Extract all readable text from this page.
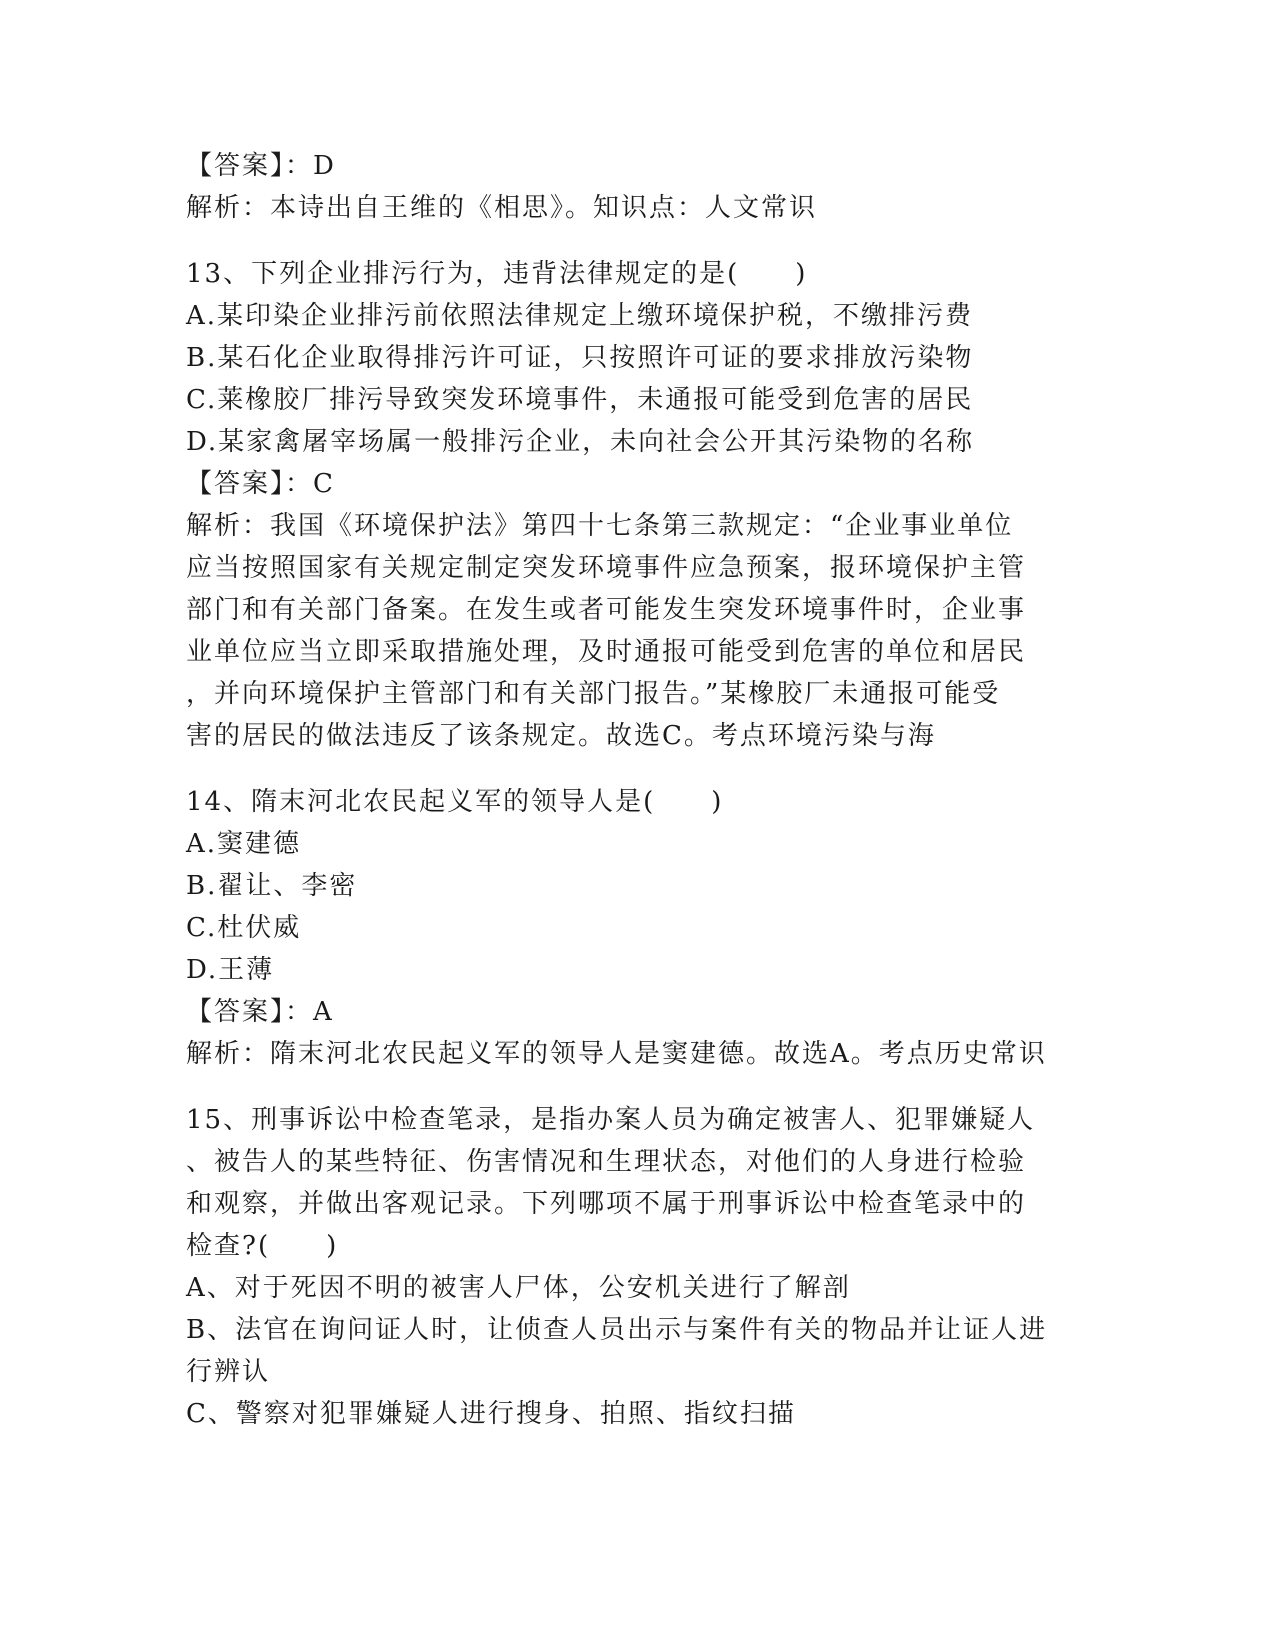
【答案】：D
解析：本诗出自王维的《相思》。知识点：人文常识
13、下列企业排污行为，违背法律规定的是(　　)
A.某印染企业排污前依照法律规定上缴环境保护税，不缴排污费
B.某石化企业取得排污许可证，只按照许可证的要求排放污染物
C.莱橡胶厂排污导致突发环境事件，未通报可能受到危害的居民
D.某家禽屠宰场属一般排污企业，未向社会公开其污染物的名称
【答案】：C
解析：我国《环境保护法》第四十七条第三款规定：“企业事业单位
应当按照国家有关规定制定突发环境事件应急预案，报环境保护主管
部门和有关部门备案。在发生或者可能发生突发环境事件时，企业事
业单位应当立即采取措施处理，及时通报可能受到危害的单位和居民
，并向环境保护主管部门和有关部门报告。”某橡胶厂未通报可能受
害的居民的做法违反了该条规定。故选C。考点环境污染与海
14、隋末河北农民起义军的领导人是(　　)
A.窦建德
B.翟让、李密
C.杜伏威
D.王薄
【答案】：A
解析：隋末河北农民起义军的领导人是窦建德。故选A。考点历史常识
15、刑事诉讼中检查笔录，是指办案人员为确定被害人、犯罪嫌疑人
、被告人的某些特征、伤害情况和生理状态，对他们的人身进行检验
和观察，并做出客观记录。下列哪项不属于刑事诉讼中检查笔录中的
检查?(　　)
A、对于死因不明的被害人尸体，公安机关进行了解剖
B、法官在询问证人时，让侦查人员出示与案件有关的物品并让证人进
行辨认
C、警察对犯罪嫌疑人进行搜身、拍照、指纹扫描
